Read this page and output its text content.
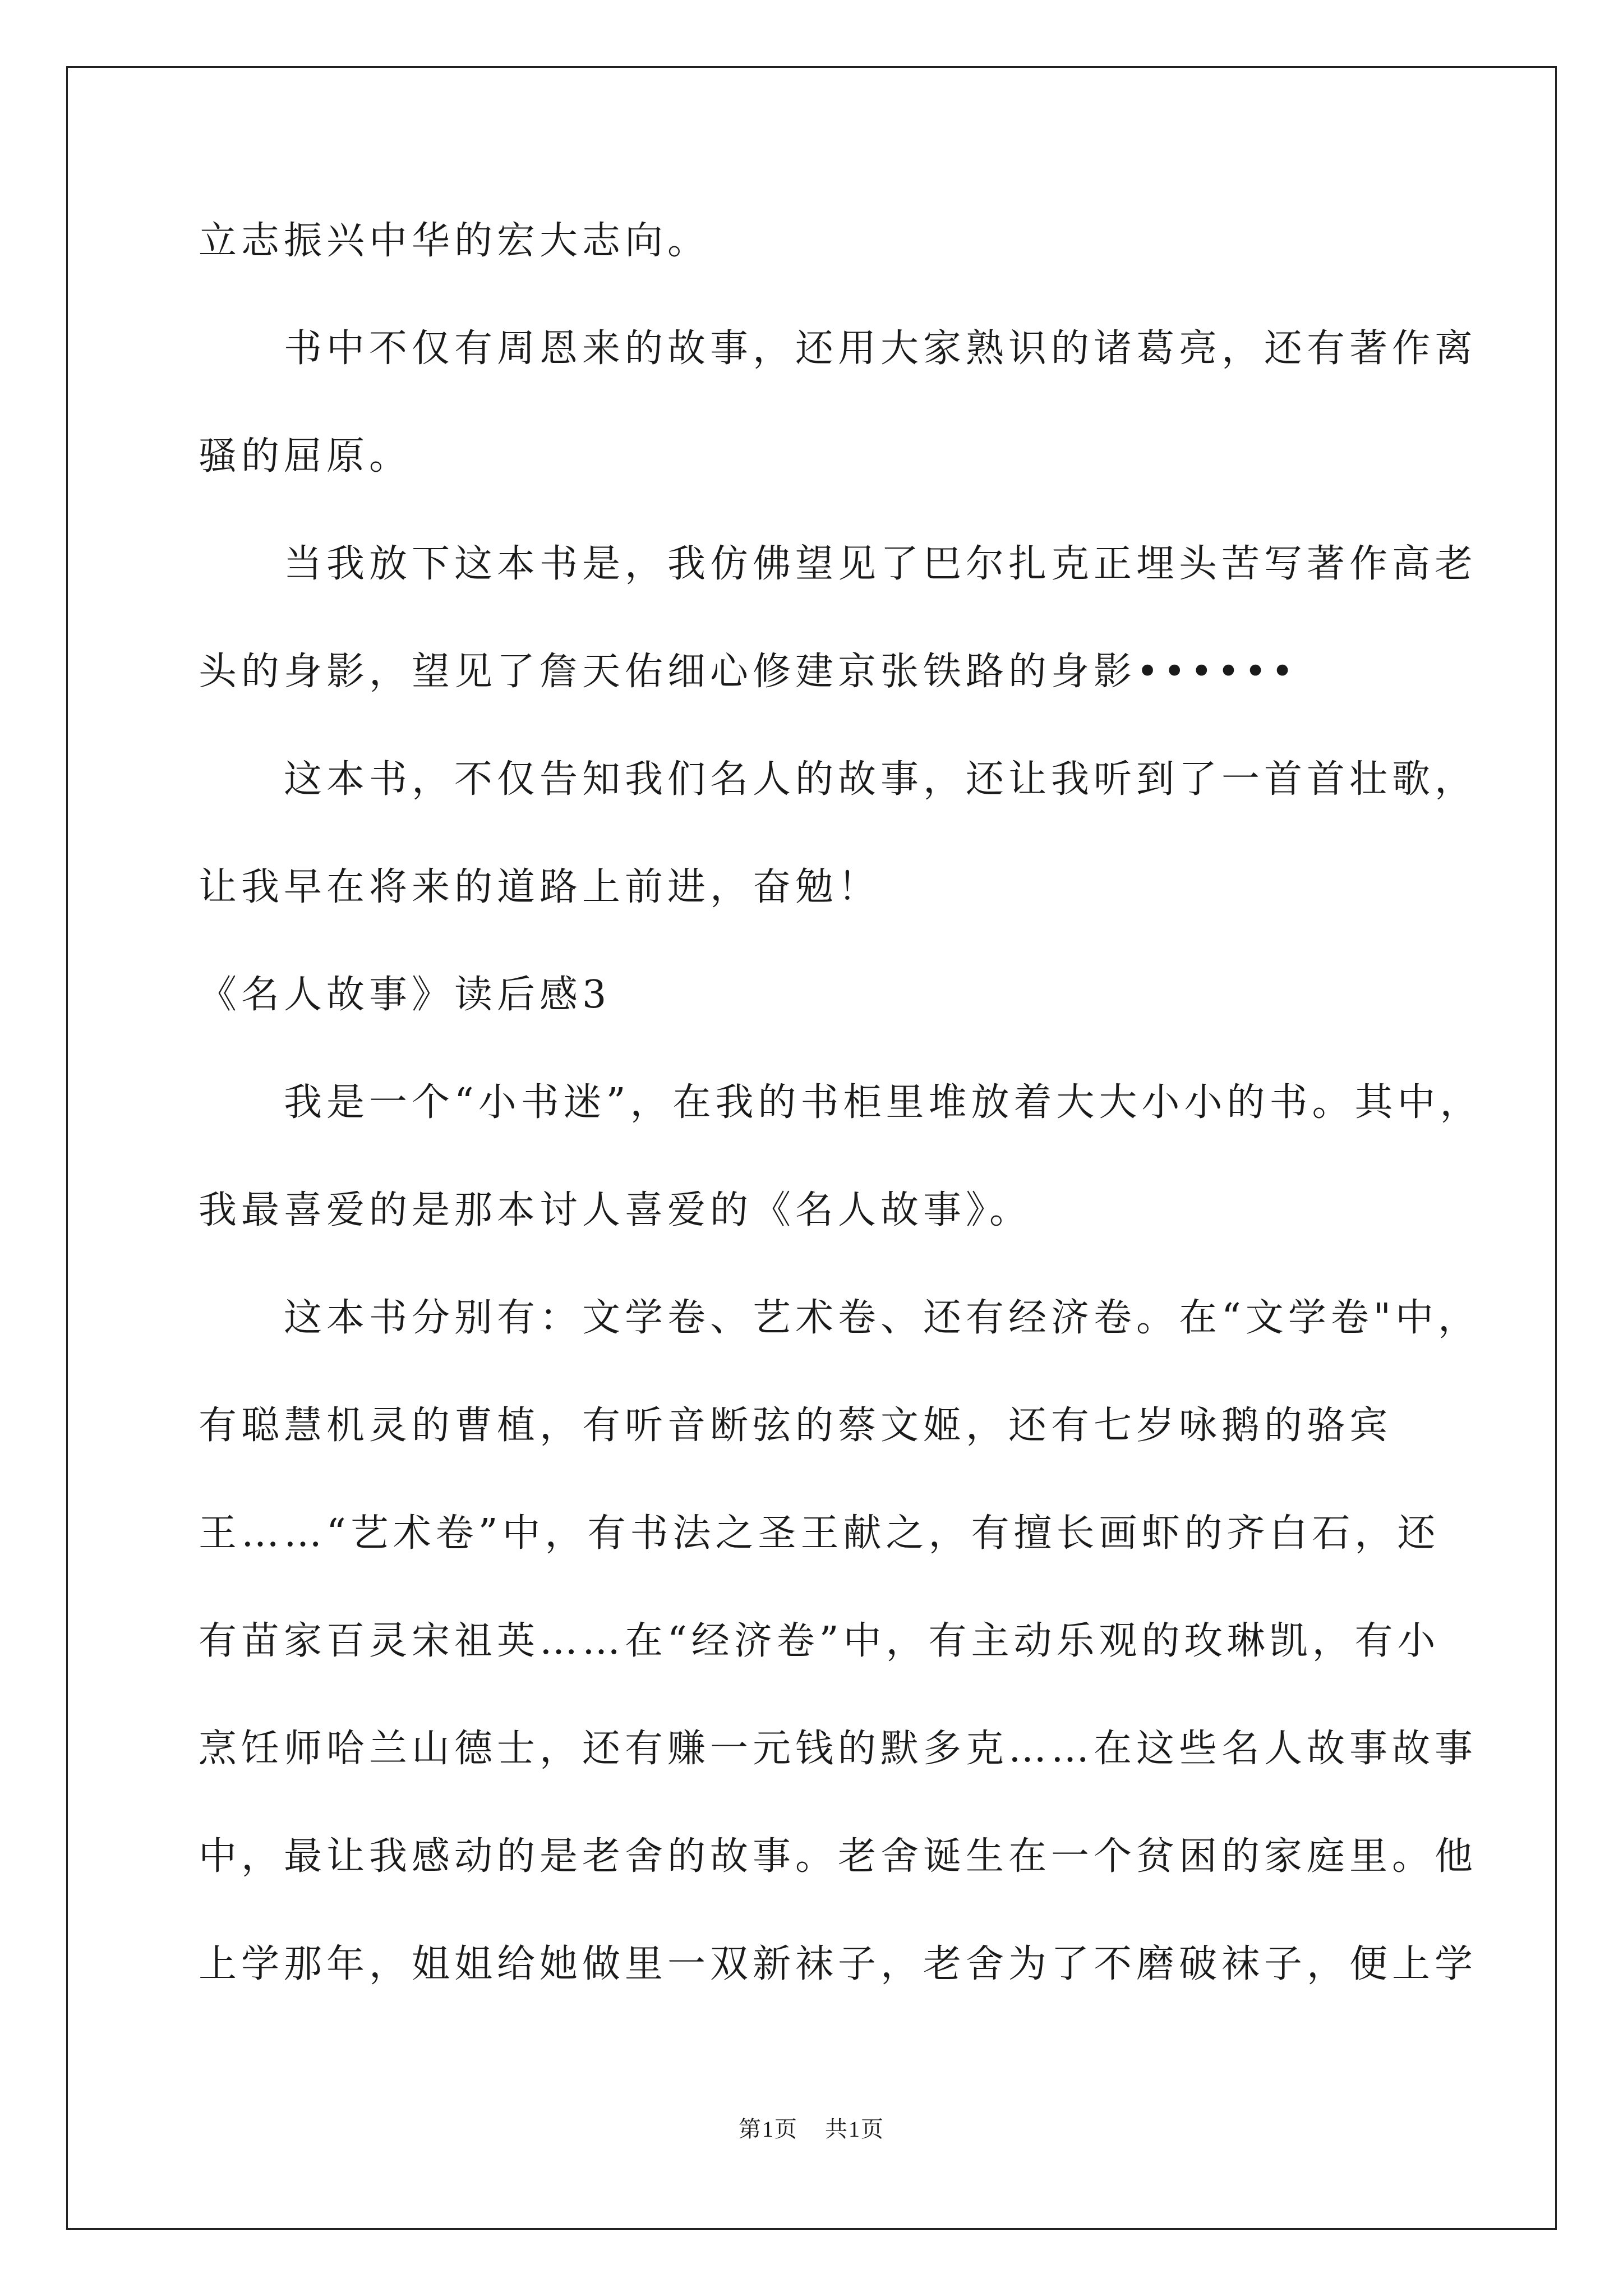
立志振兴中华的宏大志向。
书中不仅有周恩来的故事，还用大家熟识的诸葛亮，还有著作离
骚的屈原。
当我放下这本书是，我仿佛望见了巴尔扎克正埋头苦写著作高老
头的身影，望见了詹天佑细心修建京张铁路的身影••••••
这本书，不仅告知我们名人的故事，还让我听到了一首首壮歌，
让我早在将来的道路上前进，奋勉！
《名人故事》读后感3
我是一个“小书迷”，在我的书柜里堆放着大大小小的书。其中，
我最喜爱的是那本讨人喜爱的《名人故事》。
这本书分别有：文学卷、艺术卷、还有经济卷。在“文学卷"中，
有聪慧机灵的曹植，有听音断弦的蔡文姬，还有七岁咏鹅的骆宾
王……“艺术卷”中，有书法之圣王献之，有擅长画虾的齐白石，还
有苗家百灵宋祖英……在“经济卷”中，有主动乐观的玫琳凯，有小
烹饪师哈兰山德士，还有赚一元钱的默多克……在这些名人故事故事
中，最让我感动的是老舍的故事。老舍诞生在一个贫困的家庭里。他
上学那年，姐姐给她做里一双新袜子，老舍为了不磨破袜子，便上学
第1页    共1页
